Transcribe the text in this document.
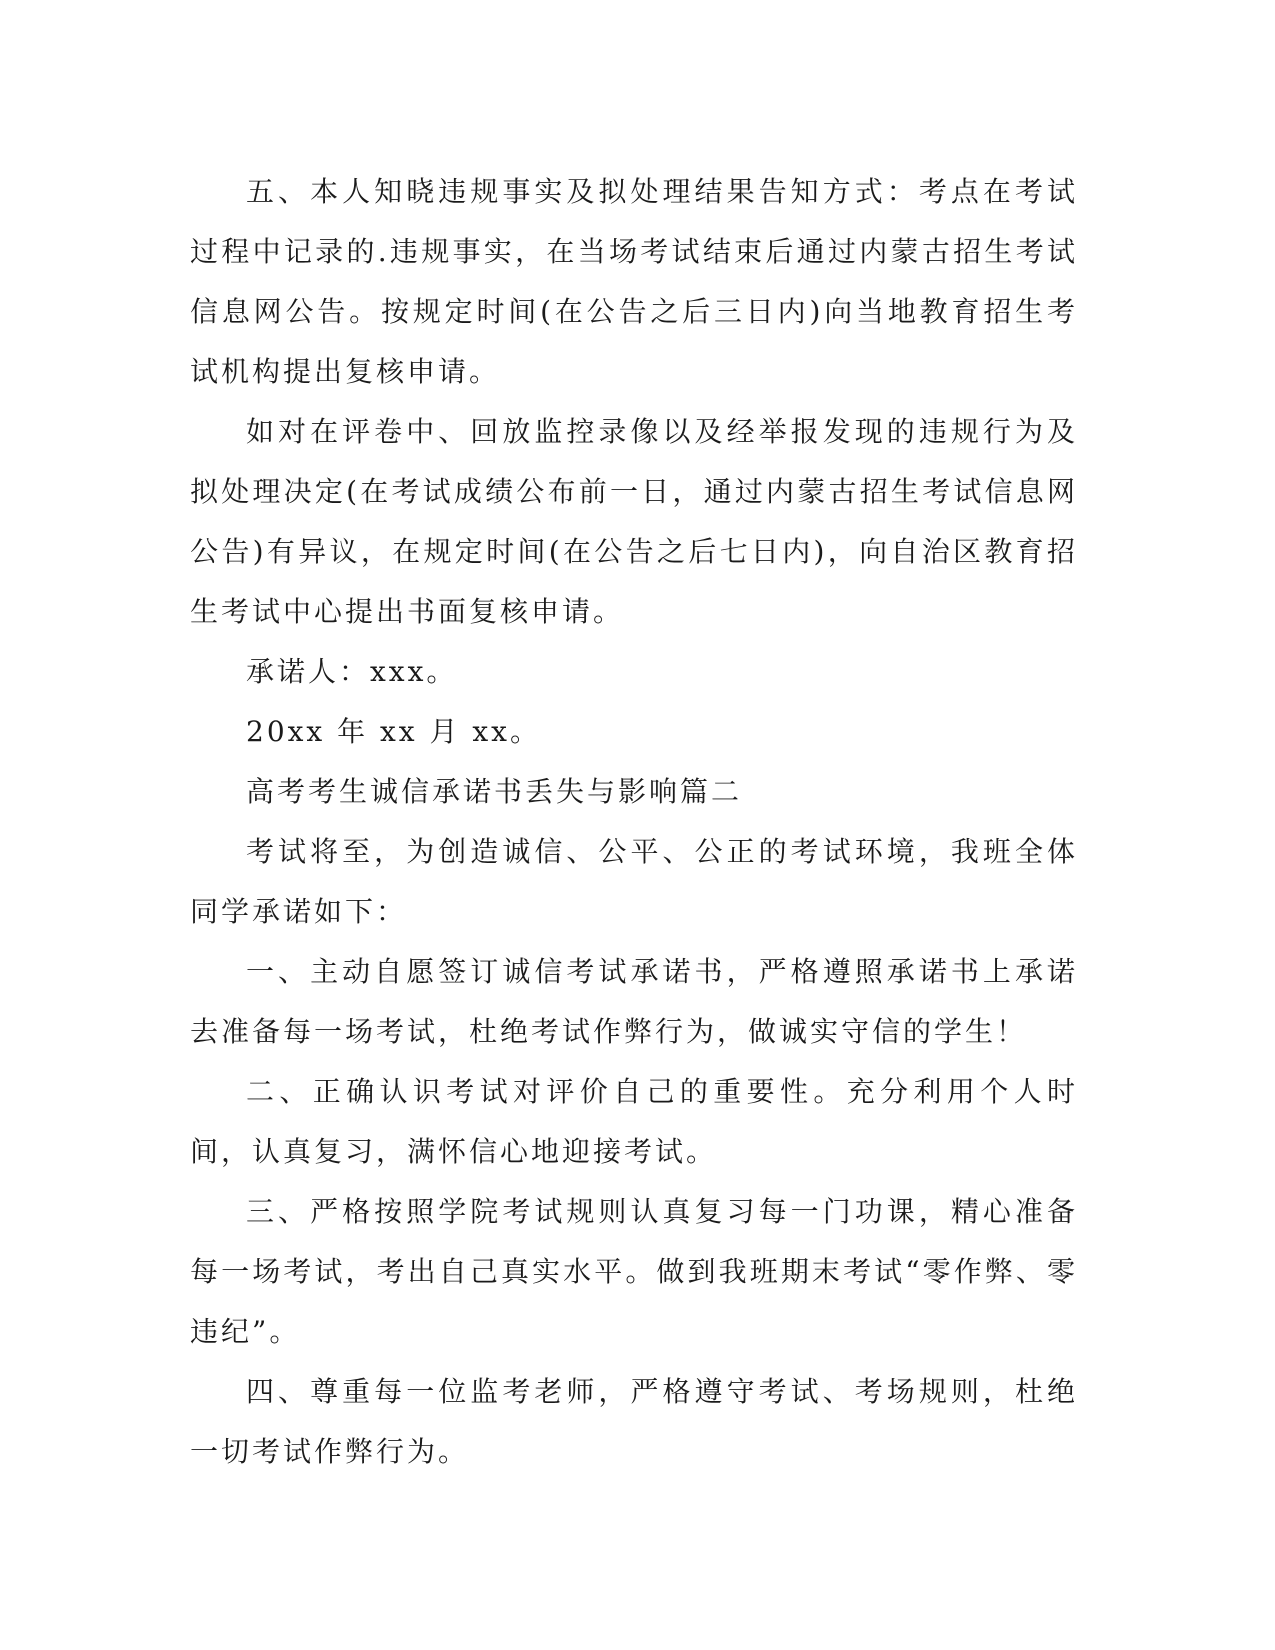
五、本人知晓违规事实及拟处理结果告知方式：考点在考试过程中记录的.违规事实，在当场考试结束后通过内蒙古招生考试信息网公告。按规定时间(在公告之后三日内)向当地教育招生考试机构提出复核申请。

如对在评卷中、回放监控录像以及经举报发现的违规行为及拟处理决定(在考试成绩公布前一日，通过内蒙古招生考试信息网公告)有异议，在规定时间(在公告之后七日内)，向自治区教育招生考试中心提出书面复核申请。

承诺人：xxx。

20xx 年 xx 月 xx。

高考考生诚信承诺书丢失与影响篇二

考试将至，为创造诚信、公平、公正的考试环境，我班全体同学承诺如下：

一、主动自愿签订诚信考试承诺书，严格遵照承诺书上承诺去准备每一场考试，杜绝考试作弊行为，做诚实守信的学生！

二、正确认识考试对评价自己的重要性。充分利用个人时间，认真复习，满怀信心地迎接考试。

三、严格按照学院考试规则认真复习每一门功课，精心准备每一场考试，考出自己真实水平。做到我班期末考试“零作弊、零违纪”。

四、尊重每一位监考老师，严格遵守考试、考场规则，杜绝一切考试作弊行为。
